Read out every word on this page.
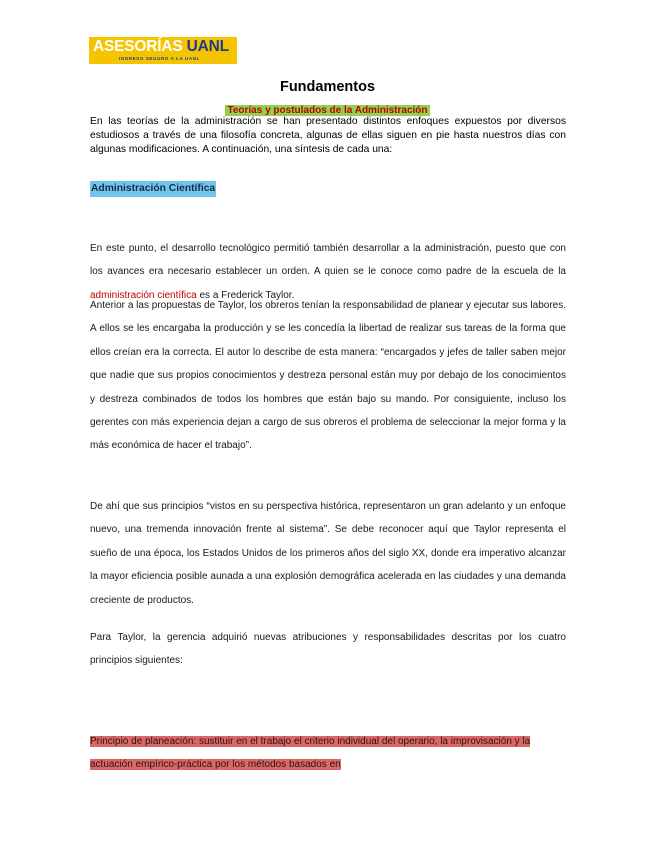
ASESORÍAS UANL
INGRESO SEGURO A LA UANL
Fundamentos
Teorías y postulados de la Administración
En las teorías de la administración se han presentado distintos enfoques expuestos por diversos estudiosos a través de una filosofía concreta, algunas de ellas siguen en pie hasta nuestros días con algunas modificaciones. A continuación, una síntesis de cada una:
Administración Científica
En este punto, el desarrollo tecnológico permitió también desarrollar a la administración, puesto que con los avances era necesario establecer un orden. A quien se le conoce como padre de la escuela de la administración científica es a Frederick Taylor.
Anterior a las propuestas de Taylor, los obreros tenían la responsabilidad de planear y ejecutar sus labores. A ellos se les encargaba la producción y se les concedía la libertad de realizar sus tareas de la forma que ellos creían era la correcta. El autor lo describe de esta manera: “encargados y jefes de taller saben mejor que nadie que sus propios conocimientos y destreza personal están muy por debajo de los conocimientos y destreza combinados de todos los hombres que están bajo su mando. Por consiguiente, incluso los gerentes con más experiencia dejan a cargo de sus obreros el problema de seleccionar la mejor forma y la más económica de hacer el trabajo”.
De ahí que sus principios “vistos en su perspectiva histórica, representaron un gran adelanto y un enfoque nuevo, una tremenda innovación frente al sistema”. Se debe reconocer aquí que Taylor representa el sueño de una época, los Estados Unidos de los primeros años del siglo XX, donde era imperativo alcanzar la mayor eficiencia posible aunada a una explosión demográfica acelerada en las ciudades y una demanda creciente de productos.
Para Taylor, la gerencia adquirió nuevas atribuciones y responsabilidades descritas por los cuatro principios siguientes:
Principio de planeación: sustituir en el trabajo el criterio individual del operario, la improvisación y la actuación empírico-práctica por los métodos basados en
